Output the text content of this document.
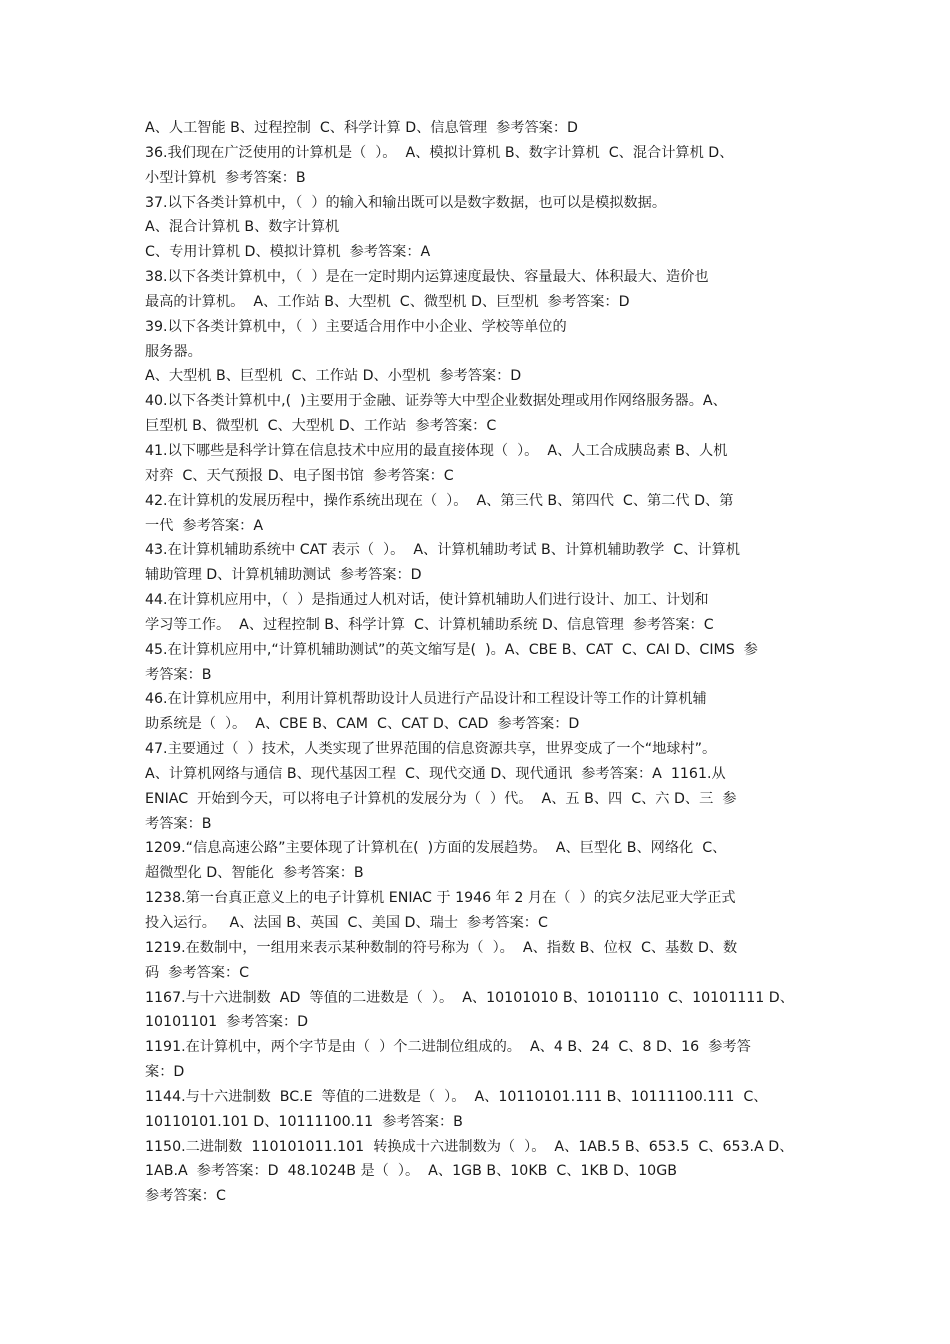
A、人工智能 B、过程控制  C、科学计算 D、信息管理  参考答案：D
36.我们现在广泛使用的计算机是（  ）。  A、模拟计算机 B、数字计算机  C、混合计算机 D、
小型计算机  参考答案：B
37.以下各类计算机中，（  ）的输入和输出既可以是数字数据，也可以是模拟数据。
A、混合计算机 B、数字计算机
C、专用计算机 D、模拟计算机  参考答案：A
38.以下各类计算机中，（  ）是在一定时期内运算速度最快、容量最大、体积最大、造价也
最高的计算机。  A、工作站 B、大型机  C、微型机 D、巨型机  参考答案：D
39.以下各类计算机中，（  ）主要适合用作中小企业、学校等单位的
服务器。
A、大型机 B、巨型机  C、工作站 D、小型机  参考答案：D
40.以下各类计算机中,(  )主要用于金融、证券等大中型企业数据处理或用作网络服务器。A、
巨型机 B、微型机  C、大型机 D、工作站  参考答案：C
41.以下哪些是科学计算在信息技术中应用的最直接体现（  ）。  A、人工合成胰岛素 B、人机
对弈  C、天气预报 D、电子图书馆  参考答案：C
42.在计算机的发展历程中，操作系统出现在（  ）。  A、第三代 B、第四代  C、第二代 D、第
一代  参考答案：A
43.在计算机辅助系统中 CAT 表示（  ）。  A、计算机辅助考试 B、计算机辅助教学  C、计算机
辅助管理 D、计算机辅助测试  参考答案：D
44.在计算机应用中，（  ）是指通过人机对话，使计算机辅助人们进行设计、加工、计划和
学习等工作。  A、过程控制 B、科学计算  C、计算机辅助系统 D、信息管理  参考答案：C
45.在计算机应用中,“计算机辅助测试”的英文缩写是(  )。A、CBE B、CAT  C、CAI D、CIMS  参
考答案：B
46.在计算机应用中，利用计算机帮助设计人员进行产品设计和工程设计等工作的计算机辅
助系统是（  ）。  A、CBE B、CAM  C、CAT D、CAD  参考答案：D
47.主要通过（  ）技术，人类实现了世界范围的信息资源共享，世界变成了一个“地球村”。
A、计算机网络与通信 B、现代基因工程  C、现代交通 D、现代通讯  参考答案：A  1161.从
ENIAC  开始到今天，可以将电子计算机的发展分为（  ）代。  A、五 B、四  C、六 D、三  参
考答案：B
1209.“信息高速公路”主要体现了计算机在(  )方面的发展趋势。  A、巨型化 B、网络化  C、
超微型化 D、智能化  参考答案：B
1238.第一台真正意义上的电子计算机 ENIAC 于 1946 年 2 月在（  ）的宾夕法尼亚大学正式
投入运行。   A、法国 B、英国  C、美国 D、瑞士  参考答案：C
1219.在数制中，一组用来表示某种数制的符号称为（  ）。  A、指数 B、位权  C、基数 D、数
码  参考答案：C
1167.与十六进制数  AD  等值的二进数是（  ）。  A、10101010 B、10101110  C、10101111 D、
10101101  参考答案：D
1191.在计算机中，两个字节是由（  ）个二进制位组成的。  A、4 B、24  C、8 D、16  参考答
案：D
1144.与十六进制数  BC.E  等值的二进数是（  ）。  A、10110101.111 B、10111100.111  C、
10110101.101 D、10111100.11  参考答案：B
1150.二进制数  110101011.101  转换成十六进制数为（  ）。  A、1AB.5 B、653.5  C、653.A D、
1AB.A  参考答案：D  48.1024B 是（  ）。  A、1GB B、10KB  C、1KB D、10GB
参考答案：C
